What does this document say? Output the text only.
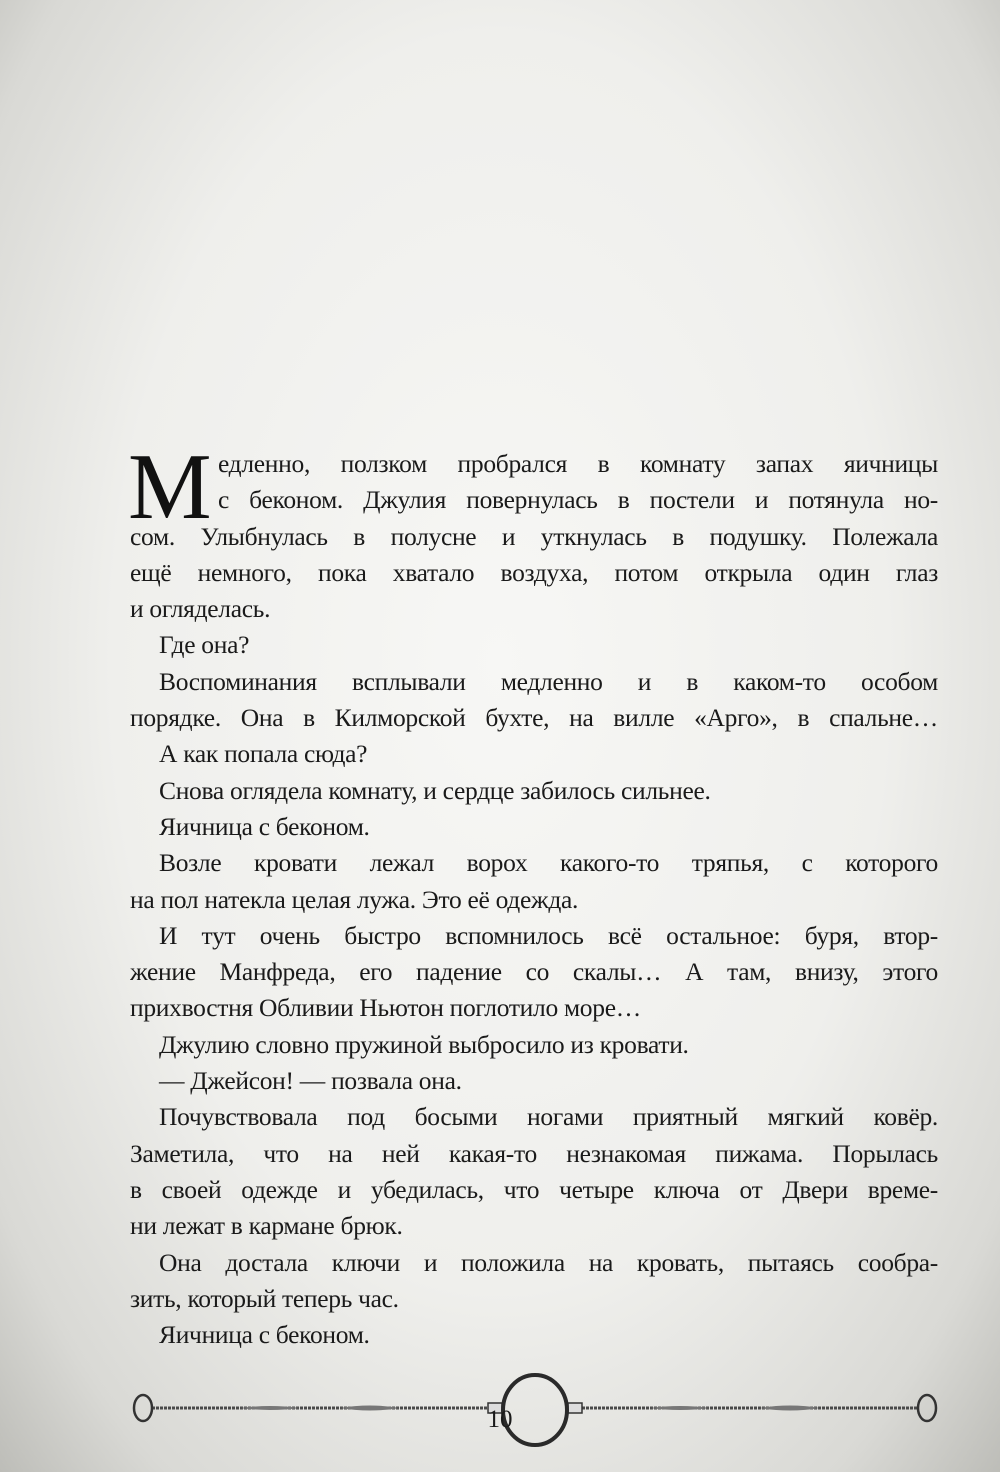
М едленно, ползком пробрался в комнату запах яичницы
с беконом. Джулия повернулась в постели и потянула но-
сом. Улыбнулась в полусне и уткнулась в подушку. Полежала
ещё немного, пока хватало воздуха, потом открыла один глаз
и огляделась.
Где она?
Воспоминания всплывали медленно и в каком-то особом
порядке. Она в Килморской бухте, на вилле «Арго», в спальне…
А как попала сюда?
Снова оглядела комнату, и сердце забилось сильнее.
Яичница с беконом.
Возле кровати лежал ворох какого-то тряпья, с которого
на пол натекла целая лужа. Это её одежда.
И тут очень быстро вспомнилось всё остальное: буря, втор-
жение Манфреда, его падение со скалы… А там, внизу, этого
прихвостня Обливии Ньютон поглотило море…
Джулию словно пружиной выбросило из кровати.
— Джейсон! — позвала она.
Почувствовала под босыми ногами приятный мягкий ковёр.
Заметила, что на ней какая-то незнакомая пижама. Порылась
в своей одежде и убедилась, что четыре ключа от Двери време-
ни лежат в кармане брюк.
Она достала ключи и положила на кровать, пытаясь сообра-
зить, который теперь час.
Яичница с беконом.
10
